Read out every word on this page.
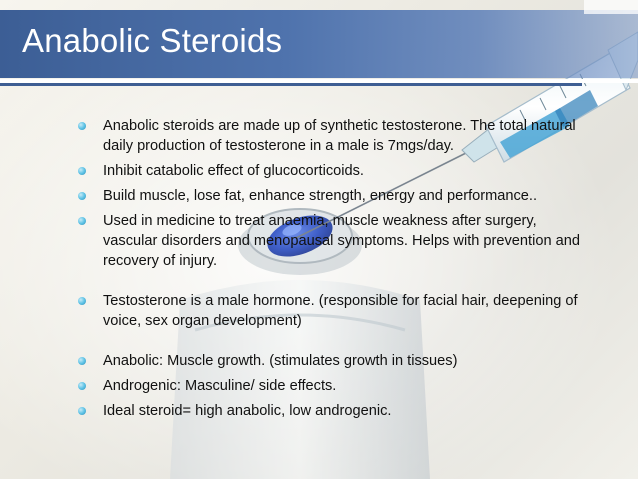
Anabolic Steroids
Anabolic steroids are made up of synthetic testosterone. The total natural daily production of testosterone in a male is 7mgs/day.
Inhibit catabolic effect of glucocorticoids.
Build muscle, lose fat, enhance strength, energy and performance..
Used in medicine to treat anaemia, muscle weakness after surgery, vascular disorders and menopausal symptoms. Helps with prevention and recovery of injury.
Testosterone is a male hormone. (responsible for facial hair, deepening of voice, sex organ development)
Anabolic: Muscle growth. (stimulates growth in tissues)
Androgenic: Masculine/ side effects.
Ideal steroid= high anabolic, low androgenic.
